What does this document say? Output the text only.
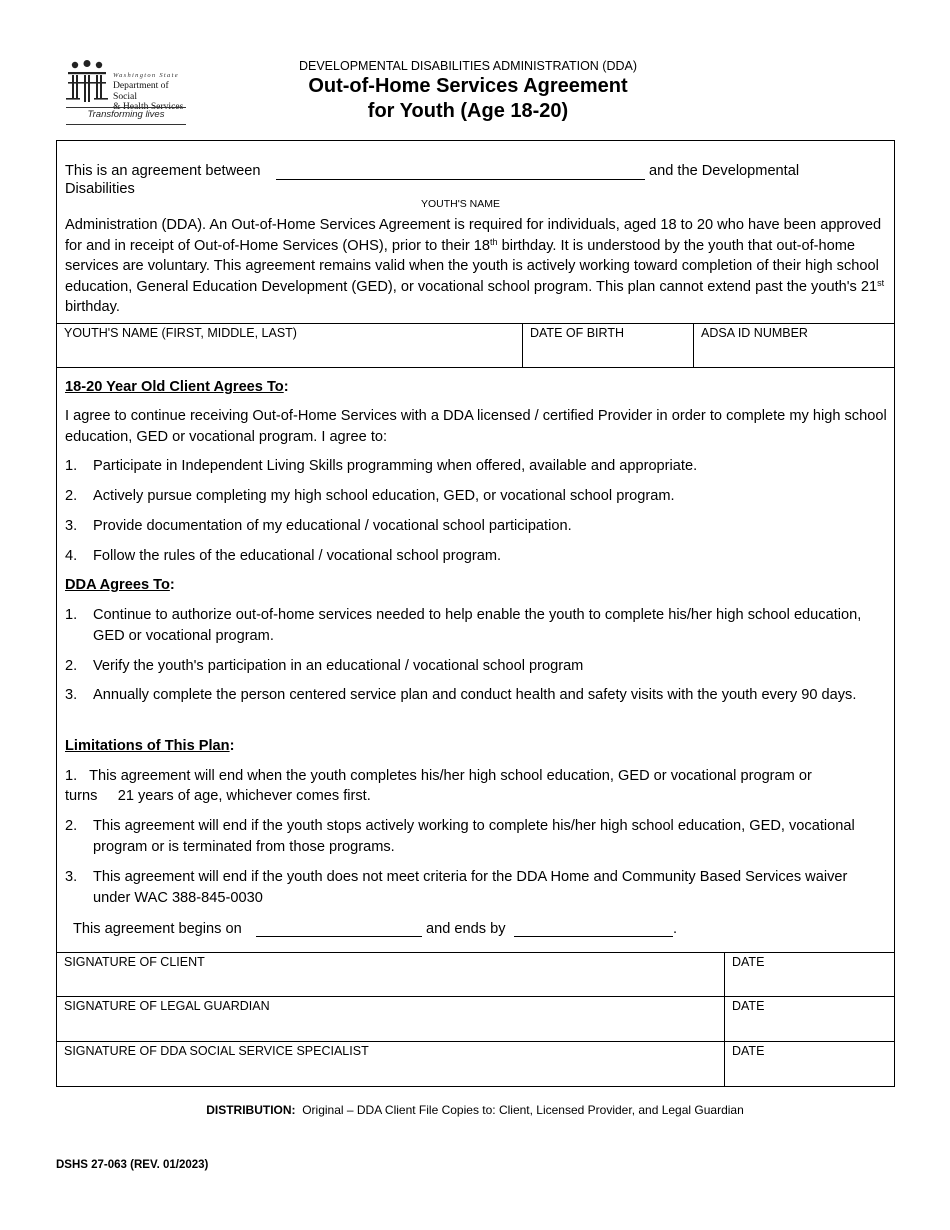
Washington State
Department of Social
& Health Services
Transforming lives
DEVELOPMENTAL DISABILITIES ADMINISTRATION (DDA)
Out-of-Home Services Agreement
for Youth (Age 18-20)
This is an agreement between	and the Developmental
Disabilities
YOUTH'S NAME
Administration (DDA). An Out-of-Home Services Agreement is required for individuals, aged 18 to 20 who have been approved for and in receipt of Out-of-Home Services (OHS), prior to their 18th birthday. It is understood by the youth that out-of-home services are voluntary. This agreement remains valid when the youth is actively working toward completion of their high school education, General Education Development (GED), or vocational school program. This plan cannot extend past the youth's 21st birthday.
YOUTH'S NAME (FIRST, MIDDLE, LAST)	DATE OF BIRTH	ADSA ID NUMBER
18-20 Year Old Client Agrees To:
I agree to continue receiving Out-of-Home Services with a DDA licensed / certified Provider in order to complete my high school education, GED or vocational program. I agree to:
1. Participate in Independent Living Skills programming when offered, available and appropriate.
2. Actively pursue completing my high school education, GED, or vocational school program.
3. Provide documentation of my educational / vocational school participation.
4. Follow the rules of the educational / vocational school program.
DDA Agrees To:
1. Continue to authorize out-of-home services needed to help enable the youth to complete his/her high school education, GED or vocational program.
2. Verify the youth's participation in an educational / vocational school program
3. Annually complete the person centered service plan and conduct health and safety visits with the youth every 90 days.
Limitations of This Plan:
1.   This agreement will end when the youth completes his/her high school education, GED or vocational program or
turns     21 years of age, whichever comes first.
2. This agreement will end if the youth stops actively working to complete his/her high school education, GED, vocational program or is terminated from those programs.
3. This agreement will end if the youth does not meet criteria for the DDA Home and Community Based Services waiver under WAC 388-845-0030
This agreement begins on	and ends by	.
SIGNATURE OF CLIENT	DATE
SIGNATURE OF LEGAL GUARDIAN	DATE
SIGNATURE OF DDA SOCIAL SERVICE SPECIALIST	DATE
DISTRIBUTION: Original – DDA Client File Copies to: Client, Licensed Provider, and Legal Guardian
DSHS 27-063 (REV. 01/2023)
